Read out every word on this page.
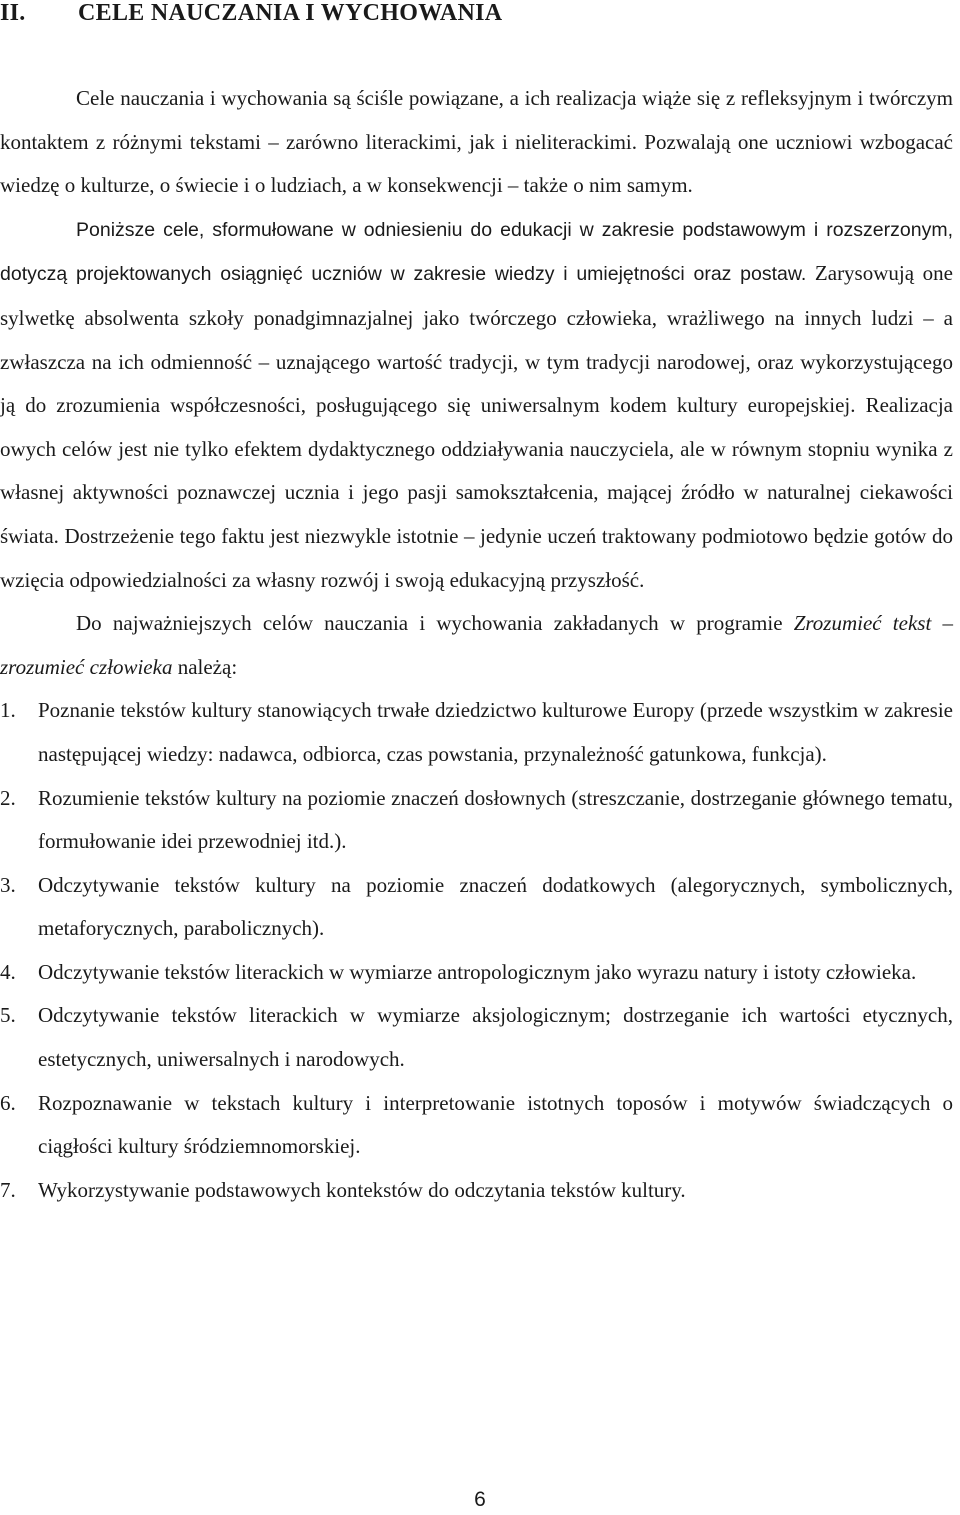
II. CELE NAUCZANIA I WYCHOWANIA

Cele nauczania i wychowania są ściśle powiązane, a ich realizacja wiąże się z refleksyjnym i twórczym kontaktem z różnymi tekstami – zarówno literackimi, jak i nieliterackimi. Pozwalają one uczniowi wzbogacać wiedzę o kulturze, o świecie i o ludziach, a w konsekwencji – także o nim samym.

Poniższe cele, sformułowane w odniesieniu do edukacji w zakresie podstawowym i rozszerzonym, dotyczą projektowanych osiągnięć uczniów w zakresie wiedzy i umiejętności oraz postaw. Zarysowują one sylwetkę absolwenta szkoły ponadgimnazjalnej jako twórczego człowieka, wrażliwego na innych ludzi – a zwłaszcza na ich odmienność – uznającego wartość tradycji, w tym tradycji narodowej, oraz wykorzystującego ją do zrozumienia współczesności, posługującego się uniwersalnym kodem kultury europejskiej. Realizacja owych celów jest nie tylko efektem dydaktycznego oddziaływania nauczyciela, ale w równym stopniu wynika z własnej aktywności poznawczej ucznia i jego pasji samokształcenia, mającej źródło w naturalnej ciekawości świata. Dostrzeżenie tego faktu jest niezwykle istotnie – jedynie uczeń traktowany podmiotowo będzie gotów do wzięcia odpowiedzialności za własny rozwój i swoją edukacyjną przyszłość.

Do najważniejszych celów nauczania i wychowania zakładanych w programie Zrozumieć tekst – zrozumieć człowieka należą:

1. Poznanie tekstów kultury stanowiących trwałe dziedzictwo kulturowe Europy (przede wszystkim w zakresie następującej wiedzy: nadawca, odbiorca, czas powstania, przynależność gatunkowa, funkcja).
2. Rozumienie tekstów kultury na poziomie znaczeń dosłownych (streszczanie, dostrzeganie głównego tematu, formułowanie idei przewodniej itd.).
3. Odczytywanie tekstów kultury na poziomie znaczeń dodatkowych (alegorycznych, symbolicznych, metaforycznych, parabolicznych).
4. Odczytywanie tekstów literackich w wymiarze antropologicznym jako wyrazu natury i istoty człowieka.
5. Odczytywanie tekstów literackich w wymiarze aksjologicznym; dostrzeganie ich wartości etycznych, estetycznych, uniwersalnych i narodowych.
6. Rozpoznawanie w tekstach kultury i interpretowanie istotnych toposów i motywów świadczących o ciągłości kultury śródziemnomorskiej.
7. Wykorzystywanie podstawowych kontekstów do odczytania tekstów kultury.
6
